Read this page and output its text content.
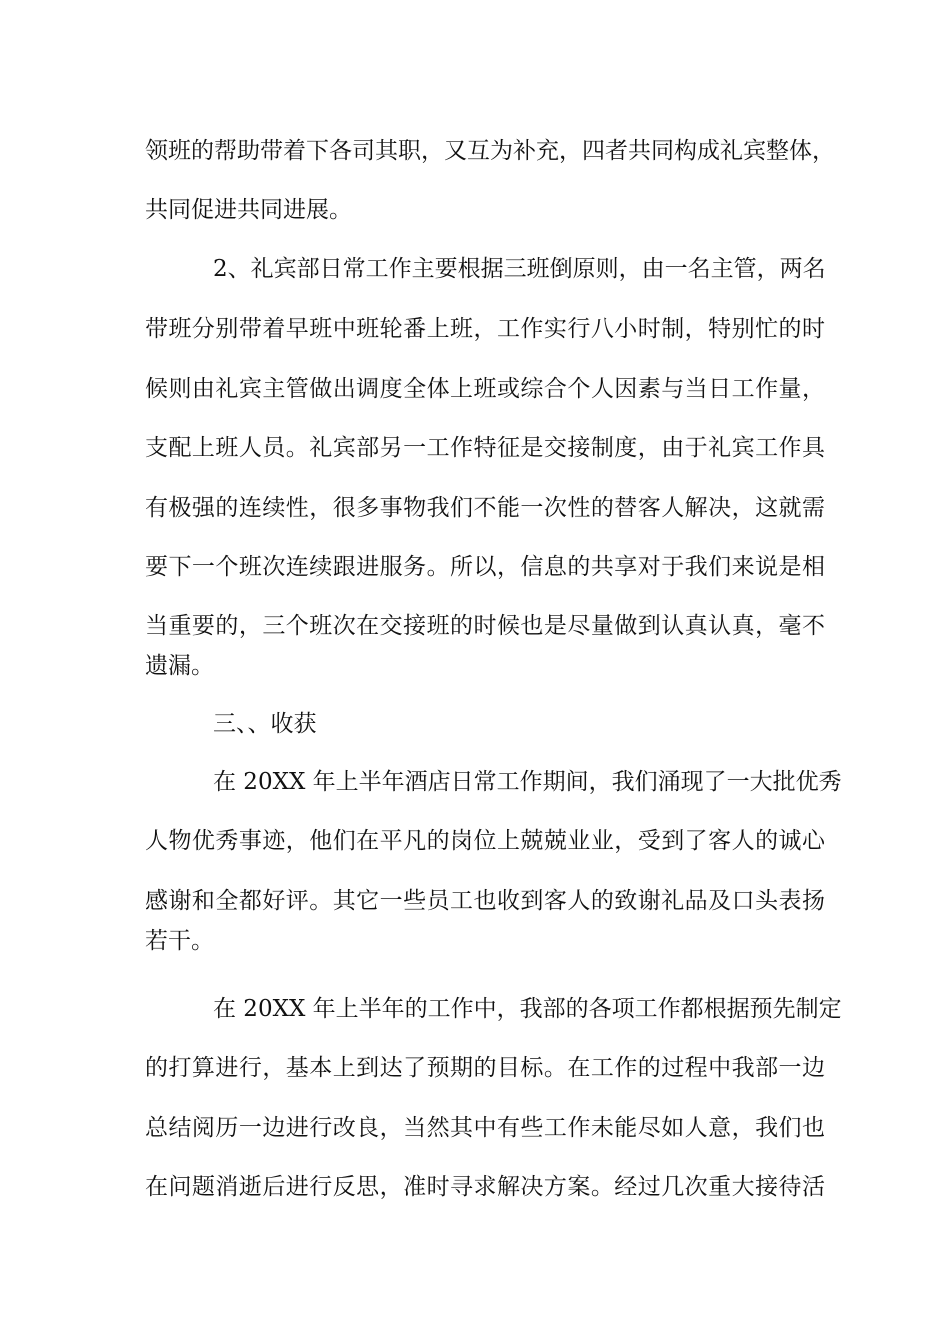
领班的帮助带着下各司其职，又互为补充，四者共同构成礼宾整体，
共同促进共同进展。
2、礼宾部日常工作主要根据三班倒原则，由一名主管，两名
带班分别带着早班中班轮番上班，工作实行八小时制，特别忙的时
候则由礼宾主管做出调度全体上班或综合个人因素与当日工作量，
支配上班人员。礼宾部另一工作特征是交接制度，由于礼宾工作具
有极强的连续性，很多事物我们不能一次性的替客人解决，这就需
要下一个班次连续跟进服务。所以，信息的共享对于我们来说是相
当重要的，三个班次在交接班的时候也是尽量做到认真认真，毫不
遗漏。
三、、收获
在 20XX 年上半年酒店日常工作期间，我们涌现了一大批优秀
人物优秀事迹，他们在平凡的岗位上兢兢业业，受到了客人的诚心
感谢和全都好评。其它一些员工也收到客人的致谢礼品及口头表扬
若干。
在 20XX 年上半年的工作中，我部的各项工作都根据预先制定
的打算进行，基本上到达了预期的目标。在工作的过程中我部一边
总结阅历一边进行改良，当然其中有些工作未能尽如人意，我们也
在问题消逝后进行反思，准时寻求解决方案。经过几次重大接待活
